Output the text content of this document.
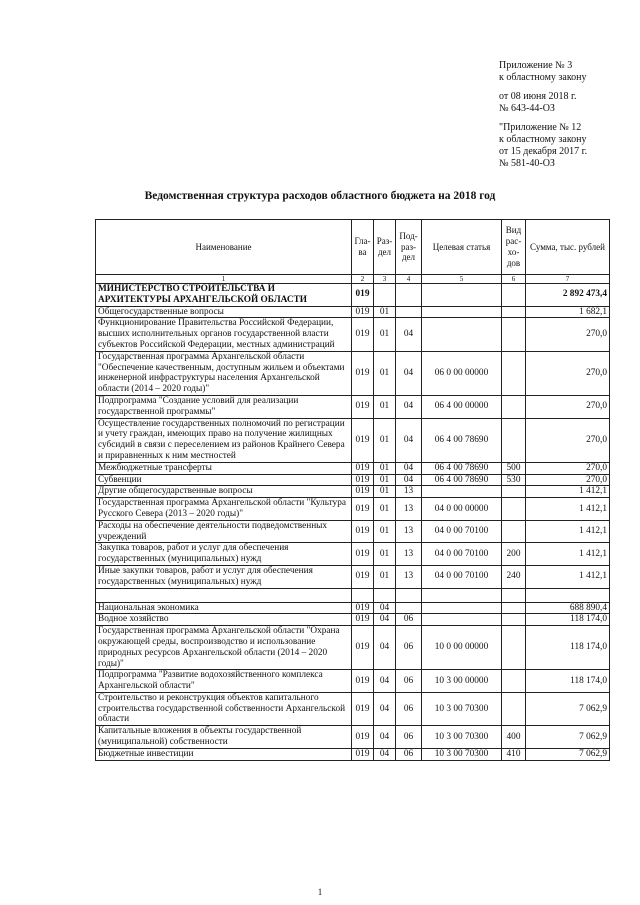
Приложение № 3
к областному закону
от 08 июня 2018 г.
№ 643-44-ОЗ
"Приложение № 12
к областному закону
от 15 декабря 2017 г.
№ 581-40-ОЗ
Ведомственная структура расходов областного бюджета на 2018 год
Наименование	Гла-ва	Раз-дел	Под-раз-дел	Целевая статья	Вид рас-хо-дов	Сумма, тыс. рублей
1	2	3	4	5	6	7
МИНИСТЕРСТВО СТРОИТЕЛЬСТВА И АРХИТЕКТУРЫ АРХАНГЕЛЬСКОЙ ОБЛАСТИ	019					2 892 473,4
Общегосударственные вопросы	019	01				1 682,1
Функционирование Правительства Российской Федерации, высших исполнительных органов государственной власти субъектов Российской Федерации, местных администраций	019	01	04			270,0
Государственная программа Архангельской области "Обеспечение качественным, доступным жильем и объектами инженерной инфраструктуры населения Архангельской области (2014 – 2020 годы)"	019	01	04	06 0 00 00000		270,0
Подпрограмма "Создание условий для реализации государственной программы"	019	01	04	06 4 00 00000		270,0
Осуществление государственных полномочий по регистрации и учету граждан, имеющих право на получение жилищных субсидий в связи с переселением из районов Крайнего Севера и приравненных к ним местностей	019	01	04	06 4 00 78690		270,0
Межбюджетные трансферты	019	01	04	06 4 00 78690	500	270,0
Субвенции	019	01	04	06 4 00 78690	530	270,0
Другие общегосударственные вопросы	019	01	13			1 412,1
Государственная программа Архангельской области "Культура Русского Севера (2013 – 2020 годы)"	019	01	13	04 0 00 00000		1 412,1
Расходы на обеспечение деятельности подведомственных учреждений	019	01	13	04 0 00 70100		1 412,1
Закупка товаров, работ и услуг для обеспечения государственных (муниципальных) нужд	019	01	13	04 0 00 70100	200	1 412,1
Иные закупки товаров, работ и услуг для обеспечения государственных (муниципальных) нужд	019	01	13	04 0 00 70100	240	1 412,1

Национальная экономика	019	04				688 890,4
Водное хозяйство	019	04	06			118 174,0
Государственная программа Архангельской области "Охрана окружающей среды, воспроизводство и использование природных ресурсов Архангельской области (2014 – 2020 годы)"	019	04	06	10 0 00 00000		118 174,0
Подпрограмма "Развитие водохозяйственного комплекса Архангельской области"	019	04	06	10 3 00 00000		118 174,0
Строительство и реконструкция объектов капитального строительства государственной собственности Архангельской области	019	04	06	10 3 00 70300		7 062,9
Капитальные вложения в объекты государственной (муниципальной) собственности	019	04	06	10 3 00 70300	400	7 062,9
Бюджетные инвестиции	019	04	06	10 3 00 70300	410	7 062,9
1
